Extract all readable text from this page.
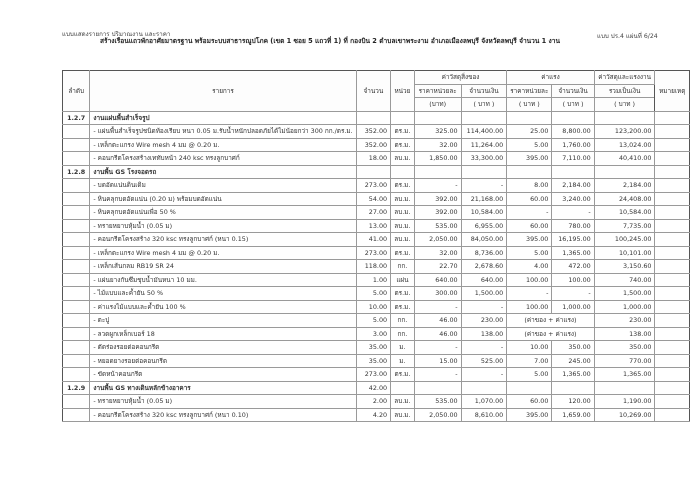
แบบแสดงรายการ ปริมาณงาน และราคา
สร้างเรือนแถวพักอาศัยมาตรฐาน พร้อมระบบสาธารณูปโภค (เขต 1 ซอย 5 แถวที่ 1) ที่ กองบิน 2 ตำบลเขาพระงาม อำเภอเมืองลพบุรี จังหวัดลพบุรี จำนวน 1 งาน
แบบ ปร.4 แผ่นที่ 6/24
ลำดับ	รายการ	จำนวน	หน่วย	ค่าวัสดุสิ่งของ		ค่าแรง		ค่าวัสดุและแรงงาน	หมายเหตุ
				ราคาหน่วยละ	จำนวนเงิน	ราคาหน่วยละ	จำนวนเงิน	รวมเป็นเงิน	
				(บาท)	( บาท )	( บาท )	( บาท )	( บาท )	
1.2.7	งานแผ่นพื้นสำเร็จรูป								
	- แผ่นพื้นสำเร็จรูปชนิดท้องเรียบ หนา 0.05 ม.รับน้ำหนักปลอดภัยได้ไม่น้อยกว่า 300 กก./ตร.ม.	352.00	ตร.ม.	325.00	114,400.00	25.00	8,800.00	123,200.00	
	- เหล็กตะแกรง Wire mesh 4 มม @ 0.20 ม.	352.00	ตร.ม.	32.00	11,264.00	5.00	1,760.00	13,024.00	
	- คอนกรีตโครงสร้างเททับหน้า 240 ksc ทรงลูกบาศก์	18.00	ลบ.ม.	1,850.00	33,300.00	395.00	7,110.00	40,410.00	
1.2.8	งานพื้น GS โรงจอดรถ								
	- บดอัดแน่นดินเดิม	273.00	ตร.ม.	-	-	8.00	2,184.00	2,184.00	
	- หินคลุกบดอัดแน่น (0.20 ม) พร้อมบดอัดแน่น	54.00	ลบ.ม.	392.00	21,168.00	60.00	3,240.00	24,408.00	
	- หินคลุกบดอัดแน่นเพื่อ 50 %	27.00	ลบ.ม.	392.00	10,584.00	-	-	10,584.00	
	- ทรายหยาบหุ้มน้ำ (0.05 ม)	13.00	ลบ.ม.	535.00	6,955.00	60.00	780.00	7,735.00	
	- คอนกรีตโครงสร้าง 320 ksc ทรงลูกบาศก์ (หนา 0.15)	41.00	ลบ.ม.	2,050.00	84,050.00	395.00	16,195.00	100,245.00	
	- เหล็กตะแกรง Wire mesh 4 มม @ 0.20 ม.	273.00	ตร.ม.	32.00	8,736.00	5.00	1,365.00	10,101.00	
	- เหล็กเส้นกลม RB19 SR 24	118.00	กก.	22.70	2,678.60	4.00	472.00	3,150.60	
	- แผ่นยางกันซึมชุบน้ำมันหนา 10 มม.	1.00	แผ่น	640.00	640.00	100.00	100.00	740.00	
	- ไม้แบบและค้ำยัน 50 %	5.00	ตร.ม.	300.00	1,500.00	-	-	1,500.00	
	- ค่าแรงไม้แบบและค้ำยัน 100 %	10.00	ตร.ม.	-	-	100.00	1,000.00	1,000.00	
	- ตะปู	5.00	กก.	46.00	230.00	(ค่าของ + ค่าแรง)		230.00	
	- ลวดผูกเหล็กเบอร์ 18	3.00	กก.	46.00	138.00	(ค่าของ + ค่าแรง)		138.00	
	- ตัดร่องรอยต่อคอนกรีต	35.00	ม.	-	-	10.00	350.00	350.00	
	- หยอดยางรอยต่อคอนกรีต	35.00	ม.	15.00	525.00	7.00	245.00	770.00	
	- ขัดหน้าคอนกรีต	273.00	ตร.ม.	-	-	5.00	1,365.00	1,365.00	
1.2.9	งานพื้น GS ทางเดินหลักข้างอาคาร	42.00							
	- ทรายหยาบหุ้มน้ำ (0.05 ม)	2.00	ลบ.ม.	535.00	1,070.00	60.00	120.00	1,190.00	
	- คอนกรีตโครงสร้าง 320 ksc ทรงลูกบาศก์ (หนา 0.10)	4.20	ลบ.ม.	2,050.00	8,610.00	395.00	1,659.00	10,269.00	
